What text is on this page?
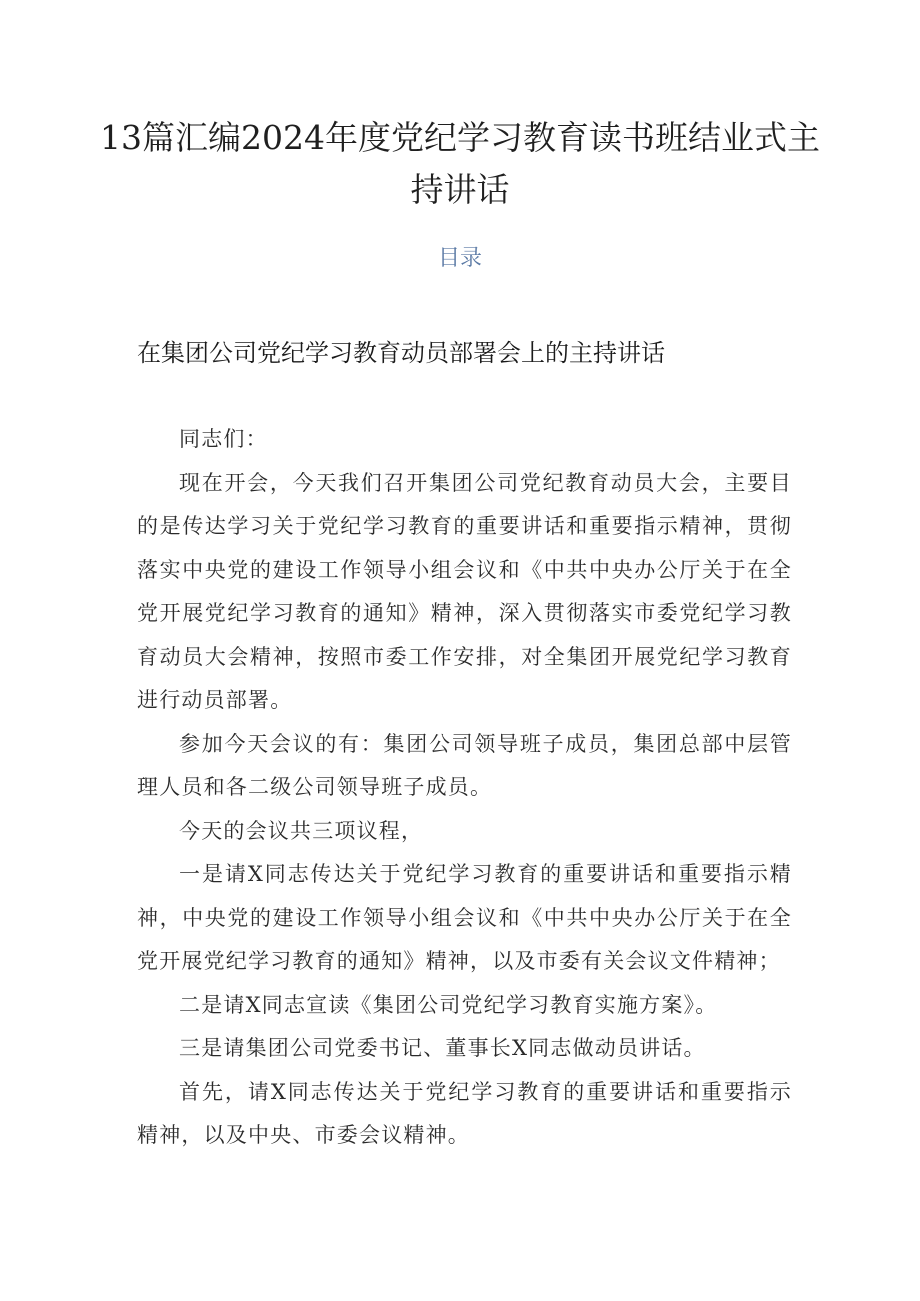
13篇汇编2024年度党纪学习教育读书班结业式主持讲话
目录
在集团公司党纪学习教育动员部署会上的主持讲话

同志们：

现在开会，今天我们召开集团公司党纪教育动员大会，主要目的是传达学习关于党纪学习教育的重要讲话和重要指示精神，贯彻落实中央党的建设工作领导小组会议和《中共中央办公厅关于在全党开展党纪学习教育的通知》精神，深入贯彻落实市委党纪学习教育动员大会精神，按照市委工作安排，对全集团开展党纪学习教育进行动员部署。

参加今天会议的有：集团公司领导班子成员，集团总部中层管理人员和各二级公司领导班子成员。

今天的会议共三项议程，

一是请X同志传达关于党纪学习教育的重要讲话和重要指示精神，中央党的建设工作领导小组会议和《中共中央办公厅关于在全党开展党纪学习教育的通知》精神，以及市委有关会议文件精神；

二是请X同志宣读《集团公司党纪学习教育实施方案》。

三是请集团公司党委书记、董事长X同志做动员讲话。

首先，请X同志传达关于党纪学习教育的重要讲话和重要指示精神，以及中央、市委会议精神。
